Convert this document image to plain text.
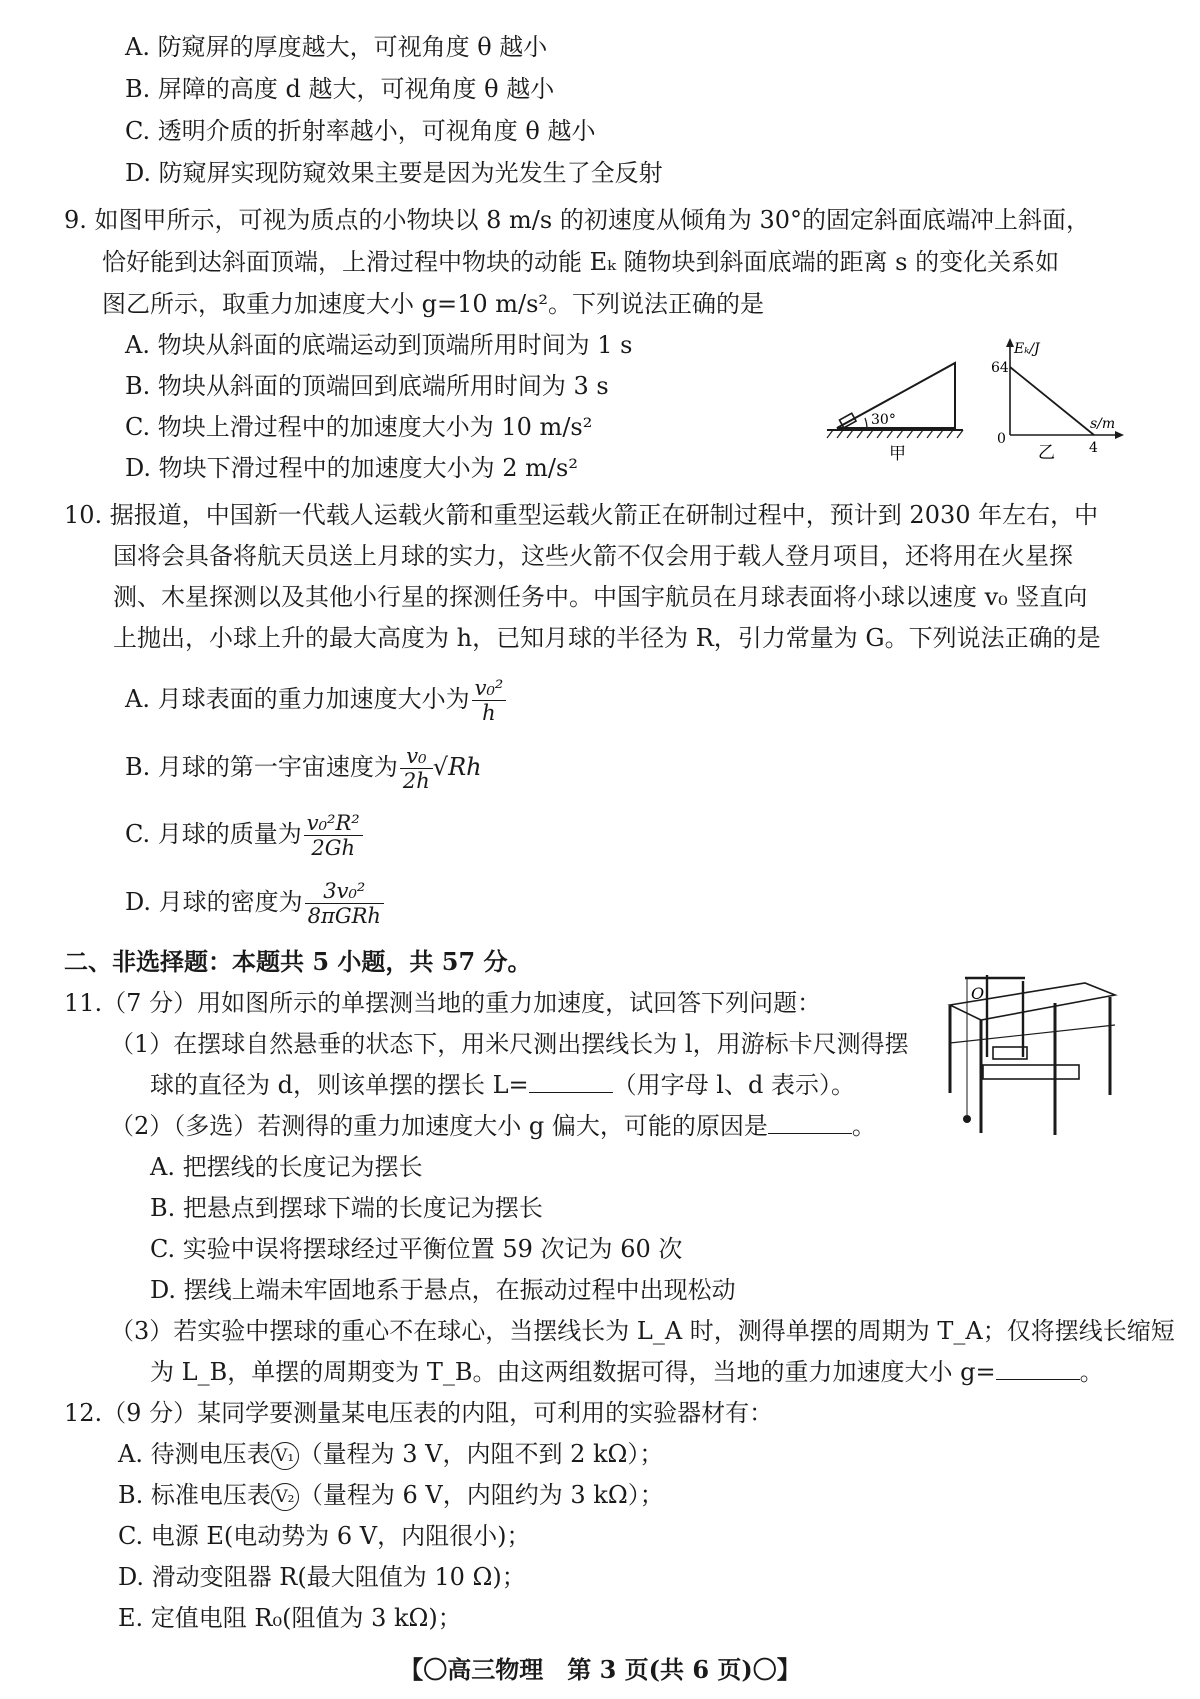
A. 防窥屏的厚度越大，可视角度 θ 越小
B. 屏障的高度 d 越大，可视角度 θ 越小
C. 透明介质的折射率越小，可视角度 θ 越小
D. 防窥屏实现防窥效果主要是因为光发生了全反射
9. 如图甲所示，可视为质点的小物块以 8 m/s 的初速度从倾角为 30°的固定斜面底端冲上斜面，
恰好能到达斜面顶端，上滑过程中物块的动能 Eₖ 随物块到斜面底端的距离 s 的变化关系如
图乙所示，取重力加速度大小 g=10 m/s²。下列说法正确的是
A. 物块从斜面的底端运动到顶端所用时间为 1 s
B. 物块从斜面的顶端回到底端所用时间为 3 s
C. 物块上滑过程中的加速度大小为 10 m/s²
D. 物块下滑过程中的加速度大小为 2 m/s²
30°
甲
Eₖ/J
64
0
s/m
4
乙
10. 据报道，中国新一代载人运载火箭和重型运载火箭正在研制过程中，预计到 2030 年左右，中
国将会具备将航天员送上月球的实力，这些火箭不仅会用于载人登月项目，还将用在火星探
测、木星探测以及其他小行星的探测任务中。中国宇航员在月球表面将小球以速度 v₀ 竖直向
上抛出，小球上升的最大高度为 h，已知月球的半径为 R，引力常量为 G。下列说法正确的是
A. 月球表面的重力加速度大小为 $\frac{\text{v₀²}}{h}$
B. 月球的第一宇宙速度为 $\frac{\text{v₀}}{2h} √Rh$
C. 月球的质量为 $\frac{\text{v₀²R²}}{2Gh}$
D. 月球的密度为 $\frac{\text{3v₀²}}{\text{8πGRh}}$
二、非选择题：本题共 5 小题，共 57 分。
11.（7 分）用如图所示的单摆测当地的重力加速度，试回答下列问题：
（1）在摆球自然悬垂的状态下，用米尺测出摆线长为 l，用游标卡尺测得摆
球的直径为 d，则该单摆的摆长 L=	（用字母 l、d 表示）。
（2）（多选）若测得的重力加速度大小 g 偏大，可能的原因是	。
A. 把摆线的长度记为摆长
B. 把悬点到摆球下端的长度记为摆长
C. 实验中误将摆球经过平衡位置 59 次记为 60 次
D. 摆线上端未牢固地系于悬点，在振动过程中出现松动
（3）若实验中摆球的重心不在球心，当摆线长为 L_A 时，测得单摆的周期为 T_A；仅将摆线长缩短
为 L_B，单摆的周期变为 T_B。由这两组数据可得，当地的重力加速度大小 g=	。
O
12.（9 分）某同学要测量某电压表的内阻，可利用的实验器材有：
A. 待测电压表 V₁ （量程为 3 V，内阻不到 2 kΩ）；
B. 标准电压表 V₂ （量程为 6 V，内阻约为 3 kΩ）；
C. 电源 E(电动势为 6 V，内阻很小)；
D. 滑动变阻器 R(最大阻值为 10 Ω)；
E. 定值电阻 R₀(阻值为 3 kΩ)；
【〇高三物理　第 3 页(共 6 页)〇】
